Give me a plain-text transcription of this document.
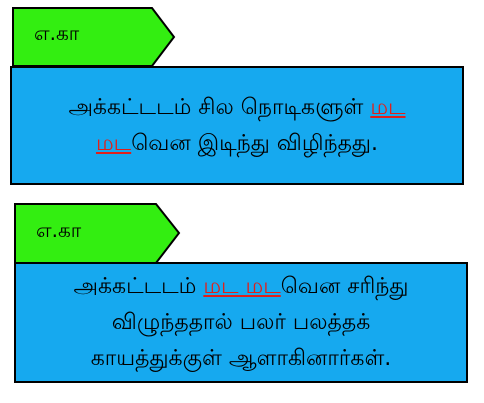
எ.கா

அக்கட்டடம் சில நொடிகளுள் மட
மடவென இடிந்து விழிந்தது.

எ.கா

அக்கட்டடம் மட மடவென சரிந்து
விழுந்ததால் பலர் பலத்தக்
காயத்துக்குள் ஆளாகினார்கள்.
